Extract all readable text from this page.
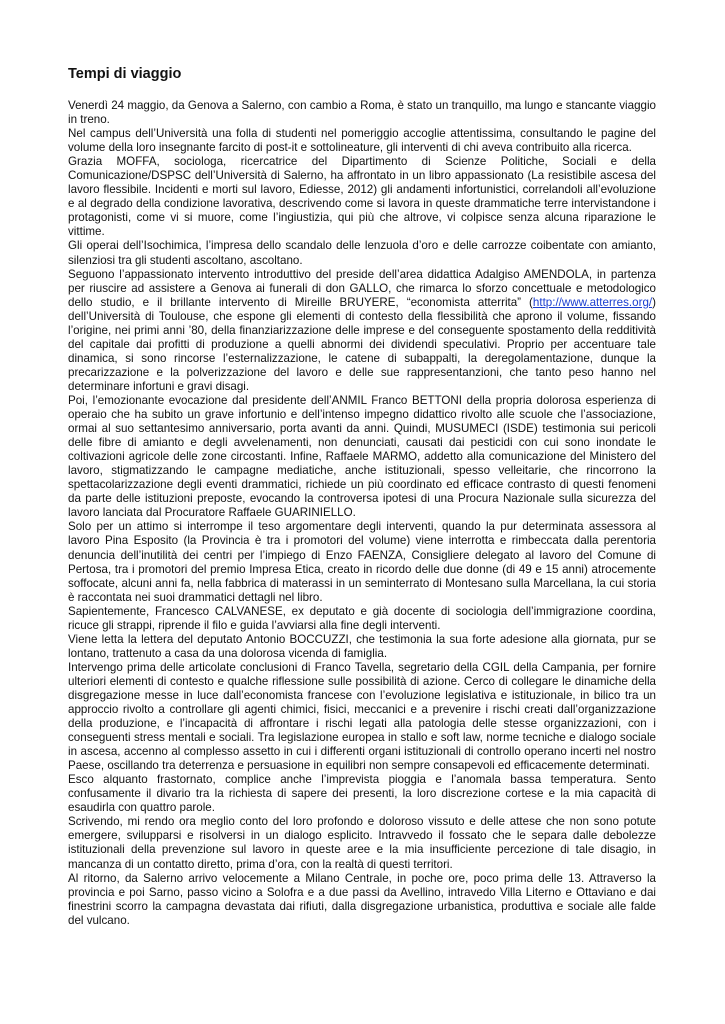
Tempi di viaggio

Venerdì 24 maggio, da Genova a Salerno, con cambio a Roma, è stato un tranquillo, ma lungo e stancante viaggio in treno.

Nel campus dell’Università una folla di studenti nel pomeriggio accoglie attentissima, consultando le pagine del volume della loro insegnante farcito di post-it e sottolineature, gli interventi di chi aveva contribuito alla ricerca.

Grazia MOFFA, sociologa, ricercatrice del Dipartimento di Scienze Politiche, Sociali e della Comunicazione/DSPSC dell’Università di Salerno, ha affrontato in un libro appassionato (La resistibile ascesa del lavoro flessibile. Incidenti e morti sul lavoro, Ediesse, 2012) gli andamenti infortunistici, correlandoli all’evoluzione e al degrado della condizione lavorativa, descrivendo come si lavora in queste drammatiche terre intervistandone i protagonisti, come vi si muore, come l’ingiustizia, qui più che altrove, vi colpisce senza alcuna riparazione le vittime.

Gli operai dell’Isochimica, l’impresa dello scandalo delle lenzuola d’oro e delle carrozze coibentate con amianto, silenziosi tra gli studenti ascoltano, ascoltano.

Seguono l’appassionato intervento introduttivo del preside dell’area didattica Adalgiso AMENDOLA, in partenza per riuscire ad assistere a Genova ai funerali di don GALLO, che rimarca lo sforzo concettuale e metodologico dello studio, e il brillante intervento di Mireille BRUYERE, “economista atterrita” (http://www.atterres.org/) dell’Università di Toulouse, che espone gli elementi di contesto della flessibilità che aprono il volume, fissando l’origine, nei primi anni ’80, della finanziarizzazione delle imprese e del conseguente spostamento della redditività del capitale dai profitti di produzione a quelli abnormi dei dividendi speculativi. Proprio per accentuare tale dinamica, si sono rincorse l’esternalizzazione, le catene di subappalti, la deregolamentazione, dunque la precarizzazione e la polverizzazione del lavoro e delle sue rappresentanzioni, che tanto peso hanno nel determinare infortuni e gravi disagi.

Poi, l’emozionante evocazione dal presidente dell’ANMIL Franco BETTONI della propria dolorosa esperienza di operaio che ha subito un grave infortunio e dell’intenso impegno didattico rivolto alle scuole che l’associazione, ormai al suo settantesimo anniversario, porta avanti da anni. Quindi, MUSUMECI (ISDE) testimonia sui pericoli delle fibre di amianto e degli avvelenamenti, non denunciati, causati dai pesticidi con cui sono inondate le coltivazioni agricole delle zone circostanti. Infine, Raffaele MARMO, addetto alla comunicazione del Ministero del lavoro, stigmatizzando le campagne mediatiche, anche istituzionali, spesso velleitarie, che rincorrono la spettacolarizzazione degli eventi drammatici, richiede un più coordinato ed efficace contrasto di questi fenomeni da parte delle istituzioni preposte, evocando la controversa ipotesi di una Procura Nazionale sulla sicurezza del lavoro lanciata dal Procuratore Raffaele GUARINIELLO.

Solo per un attimo si interrompe il teso argomentare degli interventi, quando la pur determinata assessora al lavoro Pina Esposito (la Provincia è tra i promotori del volume) viene interrotta e rimbeccata dalla perentoria denuncia dell’inutilità dei centri per l’impiego di Enzo FAENZA, Consigliere delegato al lavoro del Comune di Pertosa, tra i promotori del premio Impresa Etica, creato in ricordo delle due donne (di 49 e 15 anni) atrocemente soffocate, alcuni anni fa, nella fabbrica di materassi in un seminterrato di Montesano sulla Marcellana, la cui storia è raccontata nei suoi drammatici dettagli nel libro.

Sapientemente, Francesco CALVANESE, ex deputato e già docente di sociologia dell’immigrazione coordina, ricuce gli strappi, riprende il filo e guida l’avviarsi alla fine degli interventi.

Viene letta la lettera del deputato Antonio BOCCUZZI, che testimonia la sua forte adesione alla giornata, pur se lontano, trattenuto a casa da una dolorosa vicenda di famiglia.

Intervengo prima delle articolate conclusioni di Franco Tavella, segretario della CGIL della Campania, per fornire ulteriori elementi di contesto e qualche riflessione sulle possibilità di azione. Cerco di collegare le dinamiche della disgregazione messe in luce dall’economista francese con l’evoluzione legislativa e istituzionale, in bilico tra un approccio rivolto a controllare gli agenti chimici, fisici, meccanici e a prevenire i rischi creati dall’organizzazione della produzione, e l’incapacità di affrontare i rischi legati alla patologia delle stesse organizzazioni, con i conseguenti stress mentali e sociali. Tra legislazione europea in stallo e soft law, norme tecniche e dialogo sociale in ascesa, accenno al complesso assetto in cui i differenti organi istituzionali di controllo operano incerti nel nostro Paese, oscillando tra deterrenza e persuasione in equilibri non sempre consapevoli ed efficacemente determinati.

Esco alquanto frastornato, complice anche l’imprevista pioggia e l’anomala bassa temperatura. Sento confusamente il divario tra la richiesta di sapere dei presenti, la loro discrezione cortese e la mia capacità di esaudirla con quattro parole.

Scrivendo, mi rendo ora meglio conto del loro profondo e doloroso vissuto e delle attese che non sono potute emergere, svilupparsi e risolversi in un dialogo esplicito. Intravvedo il fossato che le separa dalle debolezze istituzionali della prevenzione sul lavoro in queste aree e la mia insufficiente percezione di tale disagio, in mancanza di un contatto diretto, prima d’ora, con la realtà di questi territori.

Al ritorno, da Salerno arrivo velocemente a Milano Centrale, in poche ore, poco prima delle 13. Attraverso la provincia e poi Sarno, passo vicino a Solofra e a due passi da Avellino, intravedo Villa Literno e Ottaviano e dai finestrini scorro la campagna devastata dai rifiuti, dalla disgregazione urbanistica, produttiva e sociale alle falde del vulcano.
